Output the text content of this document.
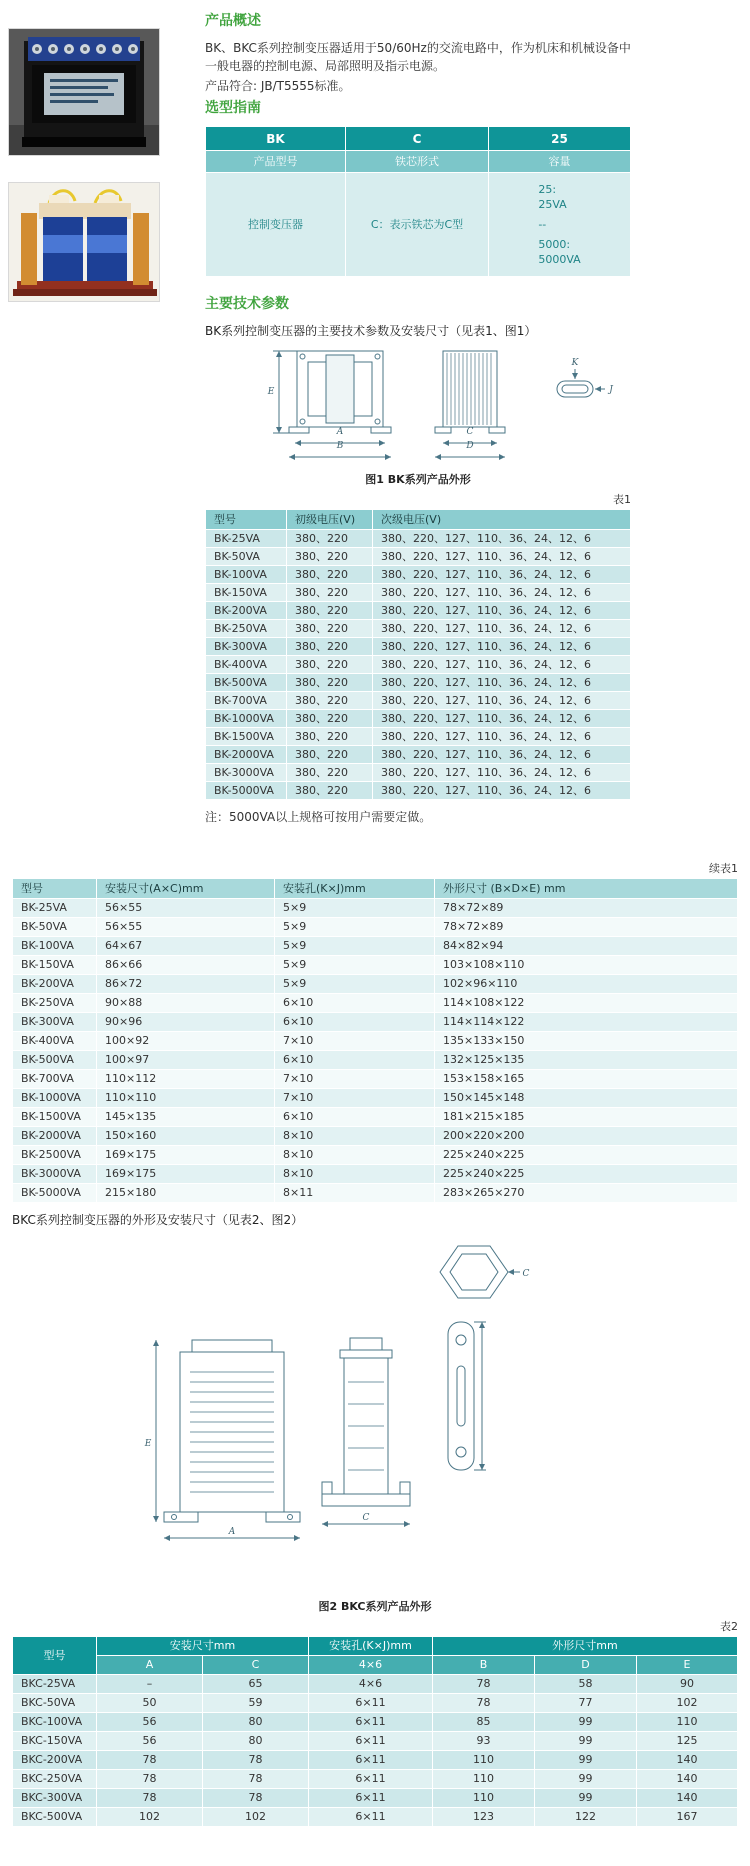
产品概述

BK、BKC系列控制变压器适用于50/60Hz的交流电路中，作为机床和机械设备中一般电器的控制电源、局部照明及指示电源。

产品符合: JB/T5555标准。

选型指南
BK	C	25
产品型号	铁芯形式	容量
控制变压器	C：表示铁芯为C型	25:
25VA
--
5000:
5000VA
主要技术参数

BK系列控制变压器的主要技术参数及安装尺寸（见表1、图1）

E
A
B
C
D
K
J
图1 BK系列产品外形
表1
型号	初级电压(V)	次级电压(V)
BK-25VA	380、220	380、220、127、110、36、24、12、6
BK-50VA	380、220	380、220、127、110、36、24、12、6
BK-100VA	380、220	380、220、127、110、36、24、12、6
BK-150VA	380、220	380、220、127、110、36、24、12、6
BK-200VA	380、220	380、220、127、110、36、24、12、6
BK-250VA	380、220	380、220、127、110、36、24、12、6
BK-300VA	380、220	380、220、127、110、36、24、12、6
BK-400VA	380、220	380、220、127、110、36、24、12、6
BK-500VA	380、220	380、220、127、110、36、24、12、6
BK-700VA	380、220	380、220、127、110、36、24、12、6
BK-1000VA	380、220	380、220、127、110、36、24、12、6
BK-1500VA	380、220	380、220、127、110、36、24、12、6
BK-2000VA	380、220	380、220、127、110、36、24、12、6
BK-3000VA	380、220	380、220、127、110、36、24、12、6
BK-5000VA	380、220	380、220、127、110、36、24、12、6

注：5000VA以上规格可按用户需要定做。

续表1
型号	安装尺寸(A×C)mm	安装孔(K×J)mm	外形尺寸 (B×D×E) mm
BK-25VA	56×55	5×9	78×72×89
BK-50VA	56×55	5×9	78×72×89
BK-100VA	64×67	5×9	84×82×94
BK-150VA	86×66	5×9	103×108×110
BK-200VA	86×72	5×9	102×96×110
BK-250VA	90×88	6×10	114×108×122
BK-300VA	90×96	6×10	114×114×122
BK-400VA	100×92	7×10	135×133×150
BK-500VA	100×97	6×10	132×125×135
BK-700VA	110×112	7×10	153×158×165
BK-1000VA	110×110	7×10	150×145×148
BK-1500VA	145×135	6×10	181×215×185
BK-2000VA	150×160	8×10	200×220×200
BK-2500VA	169×175	8×10	225×240×225
BK-3000VA	169×175	8×10	225×240×225
BK-5000VA	215×180	8×11	283×265×270

BKC系列控制变压器的外形及安装尺寸（见表2、图2）

E
A
C
C
图2 BKC系列产品外形
表2
型号	安装尺寸mm		安装孔(K×J)mm	外形尺寸mm		
	A	C	4×6	B	D	E
BKC-25VA	–	65	4×6	78	58	90
BKC-50VA	50	59	6×11	78	77	102
BKC-100VA	56	80	6×11	85	99	110
BKC-150VA	56	80	6×11	93	99	125
BKC-200VA	78	78	6×11	110	99	140
BKC-250VA	78	78	6×11	110	99	140
BKC-300VA	78	78	6×11	110	99	140
BKC-500VA	102	102	6×11	123	122	167
